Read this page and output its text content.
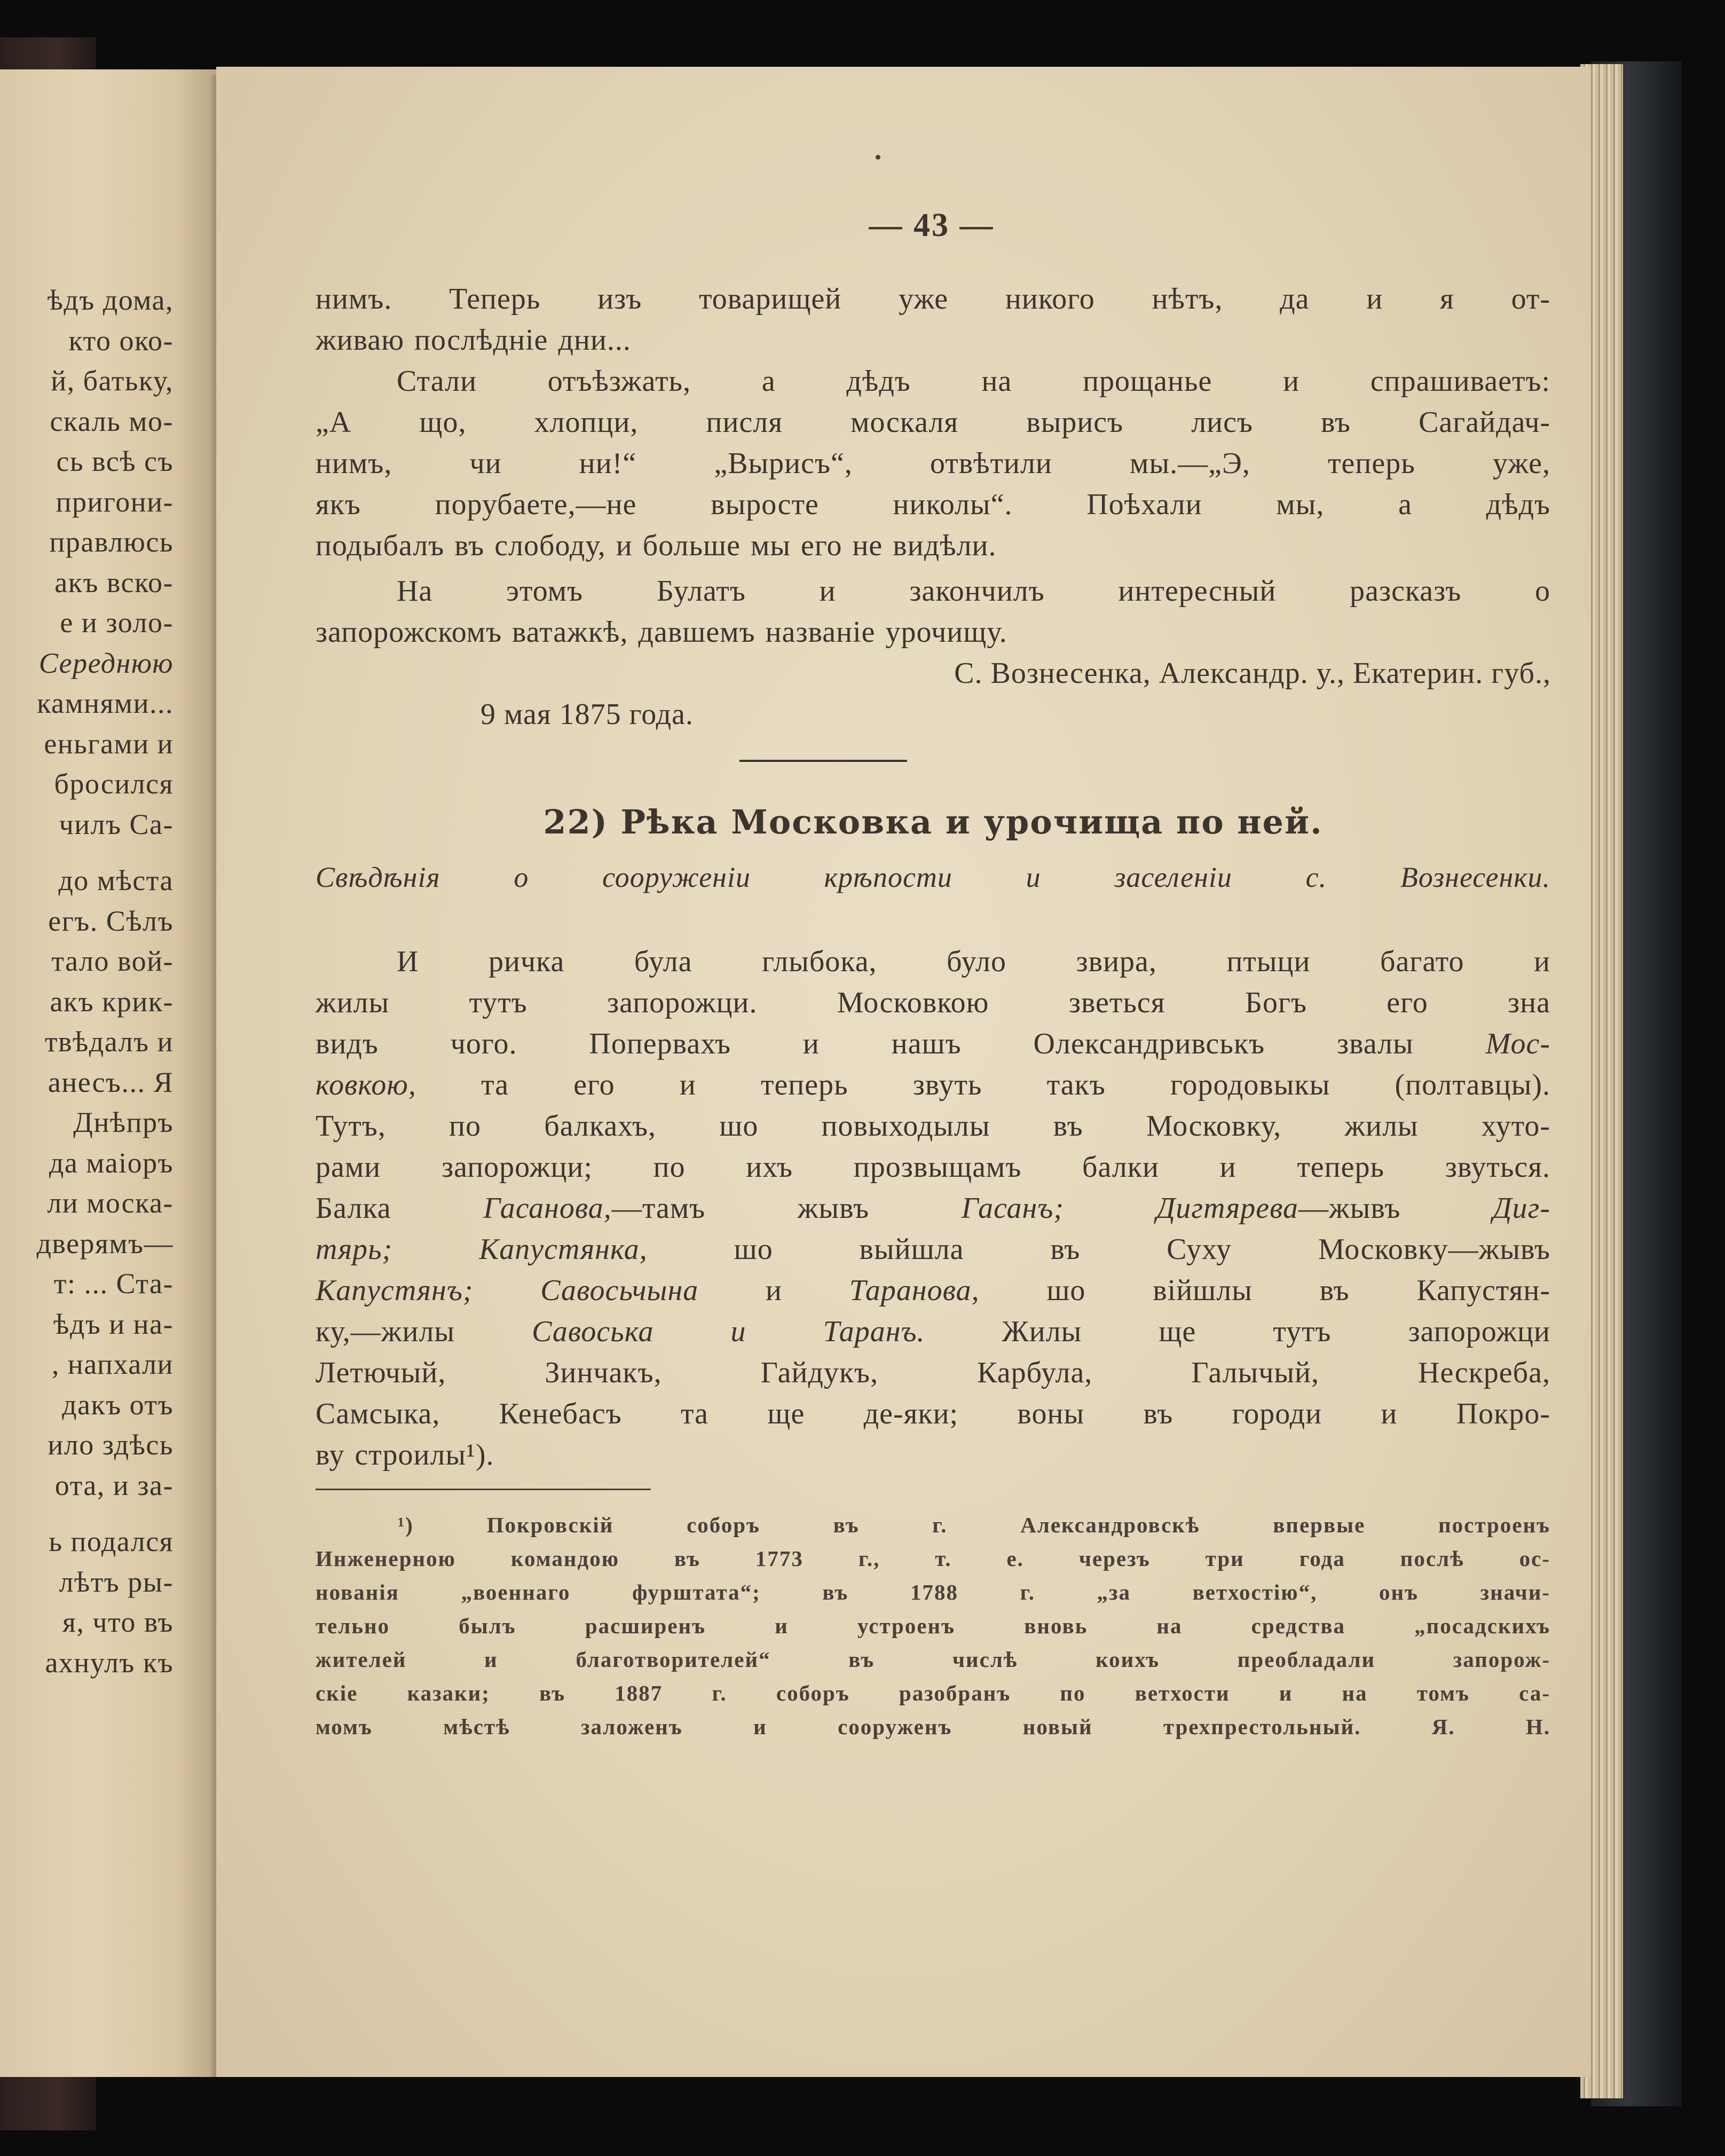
ѣдъ дома,
кто око-
й, батьку,
скаль мо-
сь всѣ съ
пригони-
правлюсь
акъ вско-
е и золо-
Середнюю
камнями...
еньгами и
бросился
чилъ Са-
до мѣста
егъ. Сѣлъ
тало вой-
акъ крик-
твѣдалъ и
анесъ... Я
Днѣпръ
да маіоръ
ли моска-
дверямъ—
т: ... Ста-
ѣдъ и на-
, напхали
дакъ отъ
ило здѣсь
ота, и за-
ь подался
лѣтъ ры-
я, что въ
ахнулъ къ
— 43 —
нимъ. Теперь изъ товарищей уже никого нѣтъ, да и я от-
живаю послѣдніе дни...
Стали отъѣзжать, а дѣдъ на прощанье и спрашиваетъ:
„А що, хлопци, писля москаля вырисъ лисъ въ Сагайдач-
нимъ, чи ни!“ „Вырисъ“, отвѣтили мы.—„Э, теперь уже,
якъ порубаете,—не выросте николы“. Поѣхали мы, а дѣдъ
подыбалъ въ слободу, и больше мы его не видѣли.
На этомъ Булатъ и закончилъ интересный разсказъ о
запорожскомъ ватажкѣ, давшемъ названіе урочищу.
С. Вознесенка, Александр. у., Екатерин. губ.,
9 мая 1875 года.
22) Рѣка Московка и урочища по ней.
Свѣдѣнія о сооруженіи крѣпости и заселеніи с. Вознесенки.
И ричка була глыбока, було звира, птыци багато и
жилы тутъ запорожци. Московкою зветься Богъ его зна
видъ чого. Попервахъ и нашъ Олександривськъ звалы Мос-
ковкою, та его и теперь звуть такъ городовыкы (полтавцы).
Тутъ, по балкахъ, шо повыходылы въ Московку, жилы хуто-
рами запорожци; по ихъ прозвыщамъ балки и теперь звуться.
Балка Гасанова,—тамъ жывъ Гасанъ; Дигтярева—жывъ Диг-
тярь; Капустянка, шо выйшла въ Суху Московку—жывъ
Капустянъ; Савосьчына и Таранова, шо війшлы въ Капустян-
ку,—жилы Савоська и Таранъ. Жилы ще тутъ запорожци
Летючый, Зинчакъ, Гайдукъ, Карбула, Галычый, Нескреба,
Самсыка, Кенебасъ та ще де-яки; воны въ городи и Покро-
ву строилы¹).
¹) Покровскій соборъ въ г. Александровскѣ впервые построенъ
Инженерною командою въ 1773 г., т. е. черезъ три года послѣ ос-
нованія „военнаго фурштата“; въ 1788 г. „за ветхостію“, онъ значи-
тельно былъ расширенъ и устроенъ вновь на средства „посадскихъ
жителей и благотворителей“ въ числѣ коихъ преобладали запорож-
скіе казаки; въ 1887 г. соборъ разобранъ по ветхости и на томъ са-
момъ мѣстѣ заложенъ и сооруженъ новый трехпрестольный. Я. Н.
